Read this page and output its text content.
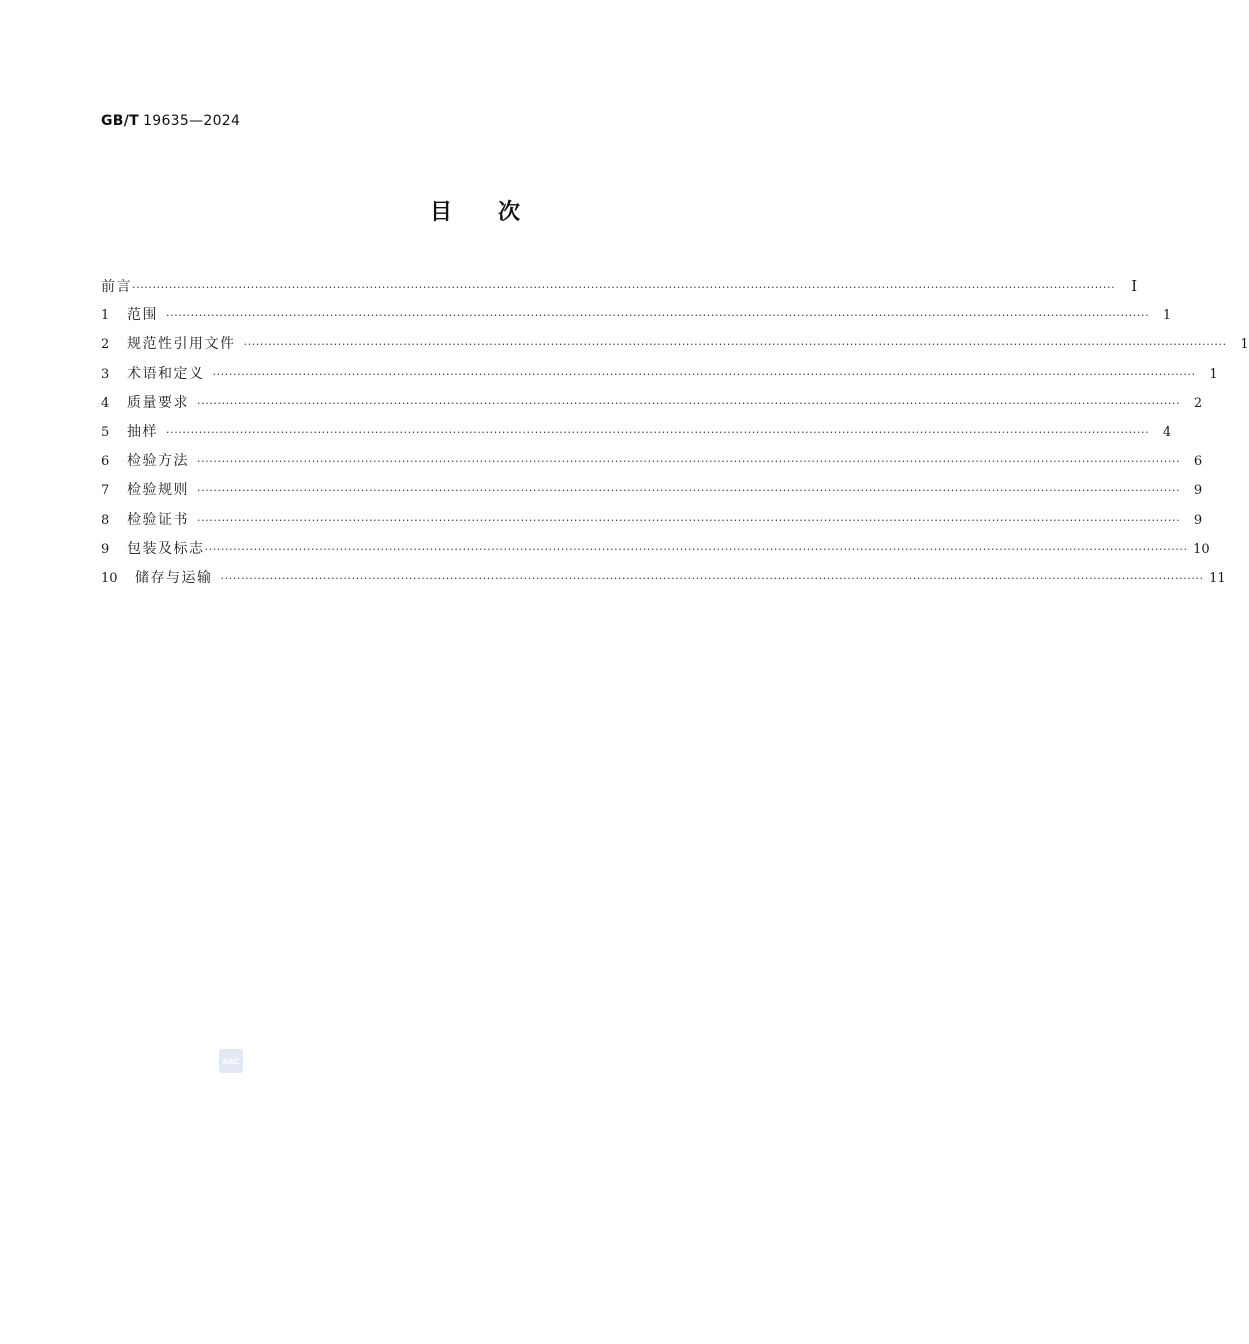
GB/T 19635—2024
目次
前言 ················································································································································································································································	Ⅰ
1	范围 ················································································································································································································································	1
2	规范性引用文件 ················································································································································································································································	1
3	术语和定义 ················································································································································································································································	1
4	质量要求 ················································································································································································································································	2
5	抽样 ················································································································································································································································	4
6	检验方法 ················································································································································································································································	6
7	检验规则 ················································································································································································································································	9
8	检验证书 ················································································································································································································································	9
9	包装及标志 ················································································································································································································································ 10
10	储存与运输 ················································································································································································································································ 11
SAC
